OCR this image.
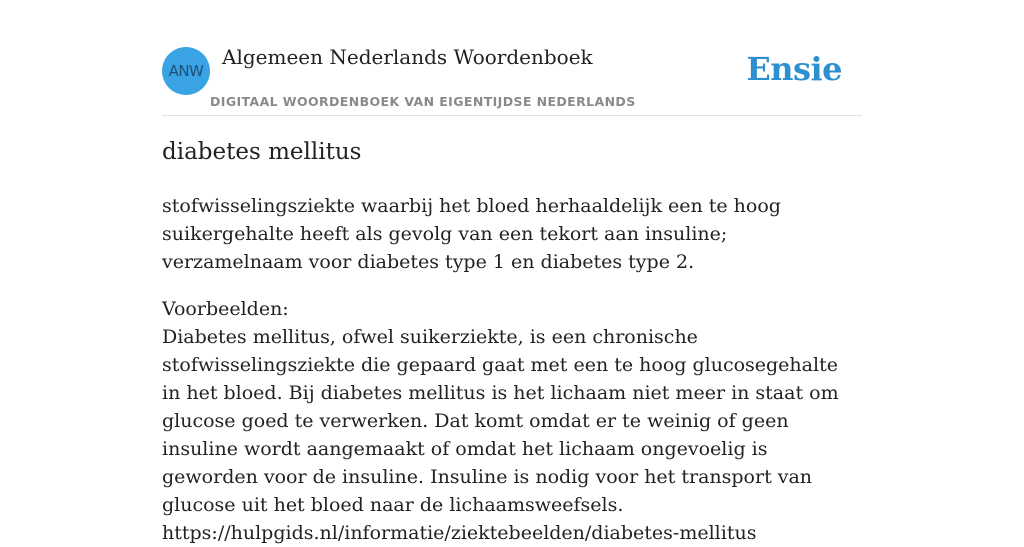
ANW
Algemeen Nederlands Woordenboek
DIGITAAL WOORDENBOEK VAN EIGENTIJDSE NEDERLANDS
Ensie
diabetes mellitus

stofwisselingsziekte waarbij het bloed herhaaldelijk een te hoog suikergehalte heeft als gevolg van een tekort aan insuline; verzamelnaam voor diabetes type 1 en diabetes type 2.

Voorbeelden:
Diabetes mellitus, ofwel suikerziekte, is een chronische stofwisselingsziekte die gepaard gaat met een te hoog glucosegehalte in het bloed. Bij diabetes mellitus is het lichaam niet meer in staat om glucose goed te verwerken. Dat komt omdat er te weinig of geen insuline wordt aangemaakt of omdat het lichaam ongevoelig is geworden voor de insuline. Insuline is nodig voor het transport van glucose uit het bloed naar de lichaamsweefsels.
https://hulpgids.nl/informatie/ziektebeelden/diabetes-mellitus
